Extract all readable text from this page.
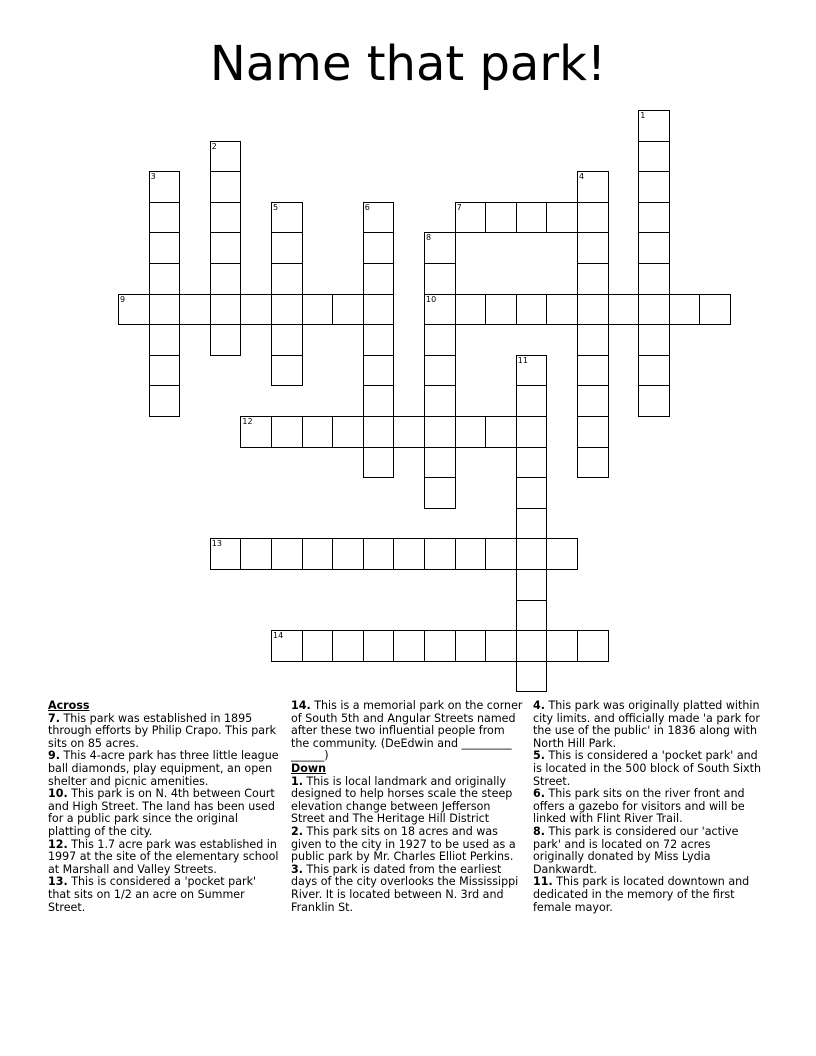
Name that park!
1
2
3	4
5	6	7
8
10
9
11
12
13
14

Across

7. This park was established in 1895 through efforts by Philip Crapo. This park sits on 85 acres.

9. This 4-acre park has three little league ball diamonds, play equipment, an open shelter and picnic amenities.

10. This park is on N. 4th between Court and High Street. The land has been used for a public park since the original platting of the city.

12. This 1.7 acre park was established in 1997 at the site of the elementary school at Marshall and Valley Streets.

13. This is considered a 'pocket park' that sits on 1/2 an acre on Summer Street.

14. This is a memorial park on the corner of South 5th and Angular Streets named after these two influential people from the community. (DeEdwin and _________ ______)

Down

1. This is local landmark and originally designed to help horses scale the steep elevation change between Jefferson Street and The Heritage Hill District

2. This park sits on 18 acres and was given to the city in 1927 to be used as a public park by Mr. Charles Elliot Perkins.

3. This park is dated from the earliest days of the city overlooks the Mississippi River. It is located between N. 3rd and Franklin St.

4. This park was originally platted within city limits. and officially made 'a park for the use of the public' in 1836 along with North Hill Park.

5. This is considered a 'pocket park' and is located in the 500 block of South Sixth Street.

6. This park sits on the river front and offers a gazebo for visitors and will be linked with Flint River Trail.

8. This park is considered our 'active park' and is located on 72 acres originally donated by Miss Lydia Dankwardt.

11. This park is located downtown and dedicated in the memory of the first female mayor.
